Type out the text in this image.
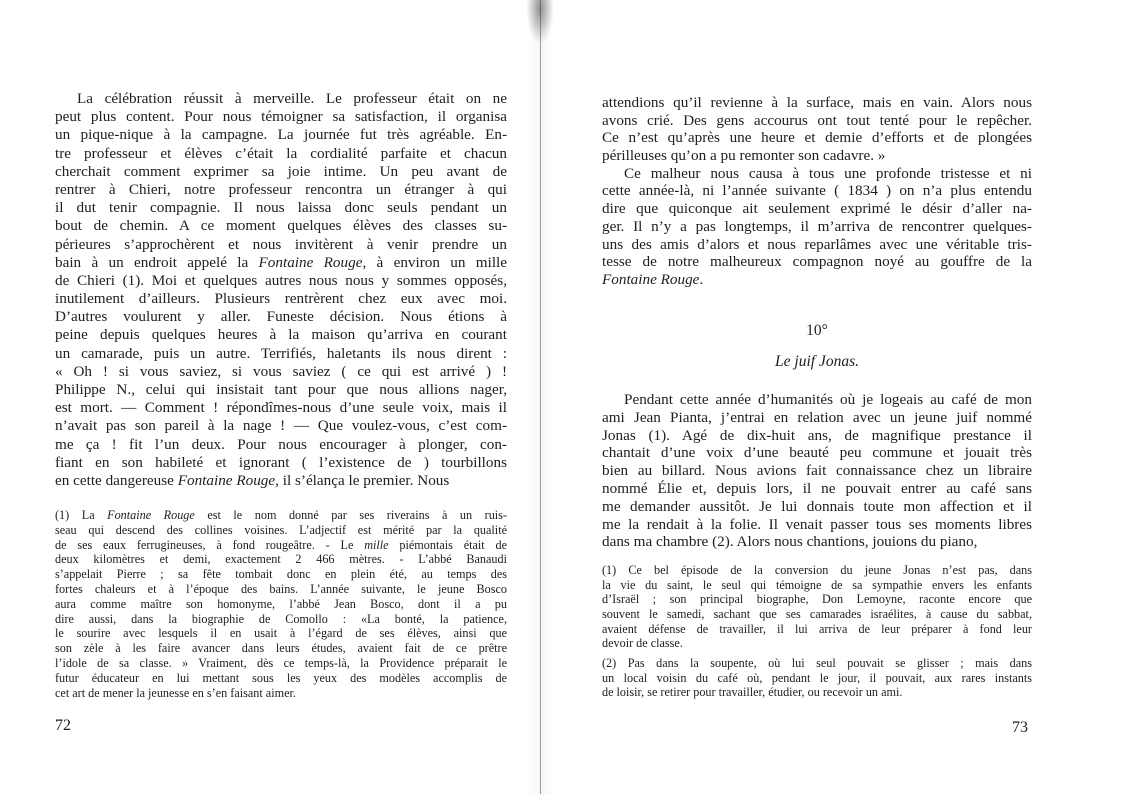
La célébration réussit à merveille. Le professeur était on ne
peut plus content. Pour nous témoigner sa satisfaction, il organisa
un pique-nique à la campagne. La journée fut très agréable. En-
tre professeur et élèves c’était la cordialité parfaite et chacun
cherchait comment exprimer sa joie intime. Un peu avant de
rentrer à Chieri, notre professeur rencontra un étranger à qui
il dut tenir compagnie. Il nous laissa donc seuls pendant un
bout de chemin. A ce moment quelques élèves des classes su-
périeures s’approchèrent et nous invitèrent à venir prendre un
bain à un endroit appelé la Fontaine Rouge, à environ un mille
de Chieri (1). Moi et quelques autres nous nous y sommes opposés,
inutilement d’ailleurs. Plusieurs rentrèrent chez eux avec moi.
D’autres voulurent y aller. Funeste décision. Nous étions à
peine depuis quelques heures à la maison qu’arriva en courant
un camarade, puis un autre. Terrifiés, haletants ils nous dirent :
« Oh ! si vous saviez, si vous saviez ( ce qui est arrivé ) !
Philippe N., celui qui insistait tant pour que nous allions nager,
est mort. — Comment ! répondîmes-nous d’une seule voix, mais il
n’avait pas son pareil à la nage ! — Que voulez-vous, c’est com-
me ça ! fit l’un deux. Pour nous encourager à plonger, con-
fiant en son habileté et ignorant ( l’existence de ) tourbillons
en cette dangereuse Fontaine Rouge, il s’élança le premier. Nous
(1) La Fontaine Rouge est le nom donné par ses riverains à un ruis-
seau qui descend des collines voisines. L’adjectif est mérité par la qualité
de ses eaux ferrugineuses, à fond rougeâtre. - Le mille piémontais était de
deux kilomètres et demi, exactement 2 466 mètres. - L’abbé Banaudi
s’appelait Pierre ; sa fête tombait donc en plein été, au temps des
fortes chaleurs et à l’époque des bains. L’année suivante, le jeune Bosco
aura comme maître son homonyme, l’abbé Jean Bosco, dont il a pu
dire aussi, dans la biographie de Comollo : «La bonté, la patience,
le sourire avec lesquels il en usait à l’égard de ses élèves, ainsi que
son zèle à les faire avancer dans leurs études, avaient fait de ce prêtre
l’idole de sa classe. » Vraiment, dès ce temps-là, la Providence préparait le
futur éducateur en lui mettant sous les yeux des modèles accomplis de
cet art de mener la jeunesse en s’en faisant aimer.
72
attendions qu’il revienne à la surface, mais en vain. Alors nous
avons crié. Des gens accourus ont tout tenté pour le repêcher.
Ce n’est qu’après une heure et demie d’efforts et de plongées
périlleuses qu’on a pu remonter son cadavre. »
Ce malheur nous causa à tous une profonde tristesse et ni
cette année-là, ni l’année suivante ( 1834 ) on n’a plus entendu
dire que quiconque ait seulement exprimé le désir d’aller na-
ger. Il n’y a pas longtemps, il m’arriva de rencontrer quelques-
uns des amis d’alors et nous reparlâmes avec une véritable tris-
tesse de notre malheureux compagnon noyé au gouffre de la
Fontaine Rouge.
10°
Le juif Jonas.
Pendant cette année d’humanités où je logeais au café de mon
ami Jean Pianta, j’entrai en relation avec un jeune juif nommé
Jonas (1). Agé de dix-huit ans, de magnifique prestance il
chantait d’une voix d’une beauté peu commune et jouait très
bien au billard. Nous avions fait connaissance chez un libraire
nommé Élie et, depuis lors, il ne pouvait entrer au café sans
me demander aussitôt. Je lui donnais toute mon affection et il
me la rendait à la folie. Il venait passer tous ses moments libres
dans ma chambre (2). Alors nous chantions, jouions du piano,
(1) Ce bel épisode de la conversion du jeune Jonas n’est pas, dans
la vie du saint, le seul qui témoigne de sa sympathie envers les enfants
d’Israël ; son principal biographe, Don Lemoyne, raconte encore que
souvent le samedi, sachant que ses camarades israélites, à cause du sabbat,
avaient défense de travailler, il lui arriva de leur préparer à fond leur
devoir de classe.
(2) Pas dans la soupente, où lui seul pouvait se glisser ; mais dans
un local voisin du café où, pendant le jour, il pouvait, aux rares instants
de loisir, se retirer pour travailler, étudier, ou recevoir un ami.
73
